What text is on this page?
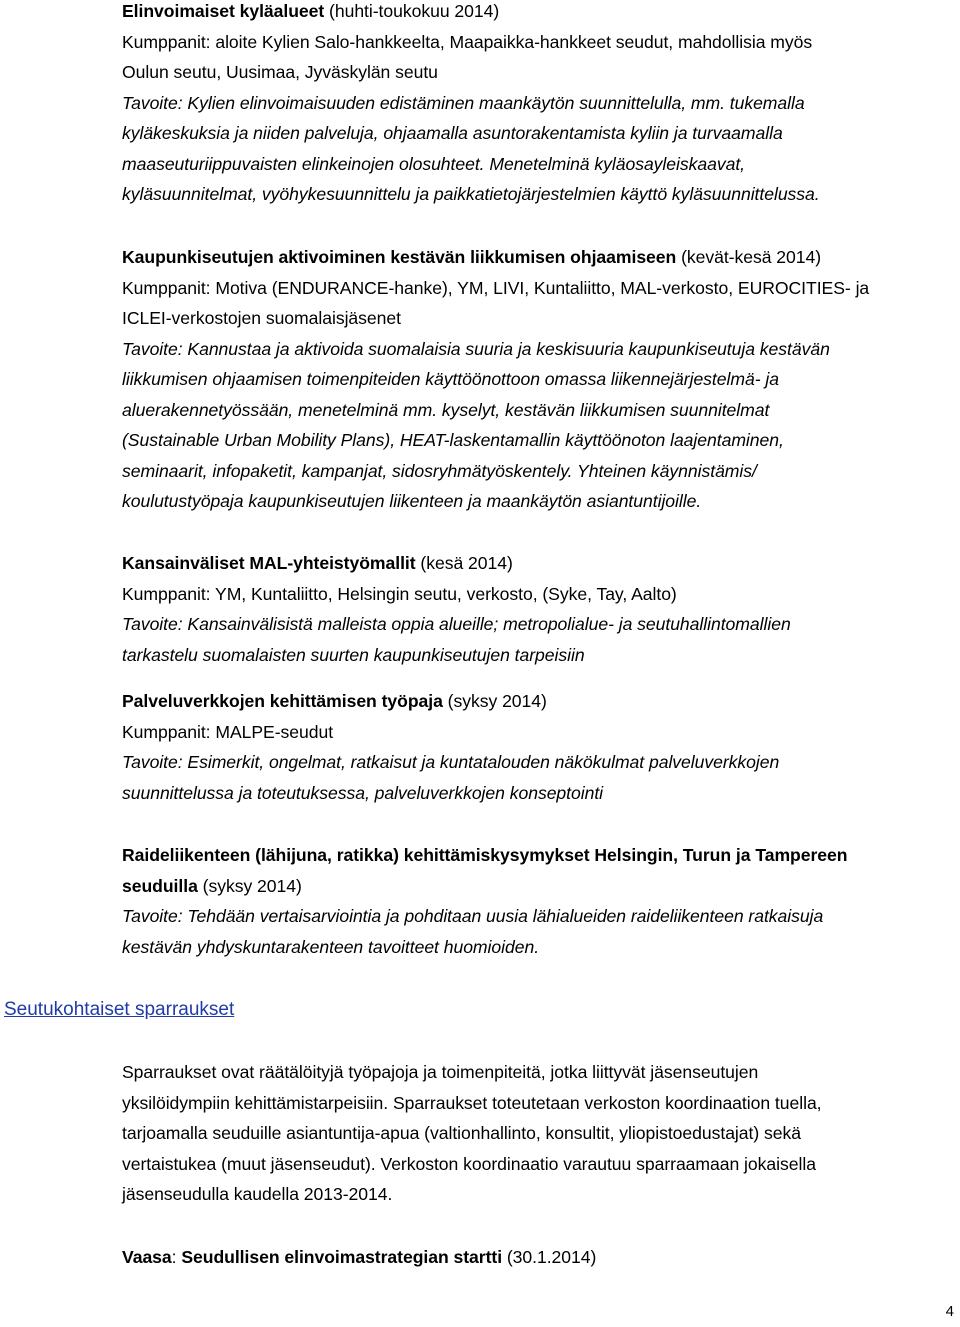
Elinvoimaiset kyläalueet (huhti-toukokuu 2014)
Kumppanit: aloite Kylien Salo-hankkeelta, Maapaikka-hankkeet seudut, mahdollisia myös
Oulun seutu, Uusimaa, Jyväskylän seutu
Tavoite: Kylien elinvoimaisuuden edistäminen maankäytön suunnittelulla, mm. tukemalla
kyläkeskuksia ja niiden palveluja, ohjaamalla asuntorakentamista kyliin ja turvaamalla
maaseuturiippuvaisten elinkeinojen olosuhteet. Menetelminä kyläosayleiskaavat,
kyläsuunnitelmat, vyöhykesuunnittelu ja paikkatietojärjestelmien käyttö kyläsuunnittelussa.
Kaupunkiseutujen aktivoiminen kestävän liikkumisen ohjaamiseen (kevät-kesä 2014)
Kumppanit: Motiva (ENDURANCE-hanke), YM, LIVI, Kuntaliitto, MAL-verkosto, EUROCITIES- ja
ICLEI-verkostojen suomalaisjäsenet
Tavoite: Kannustaa ja aktivoida suomalaisia suuria ja keskisuuria kaupunkiseutuja kestävän
liikkumisen ohjaamisen toimenpiteiden käyttöönottoon omassa liikennejärjestelmä- ja
aluerakennetyössään, menetelminä mm. kyselyt, kestävän liikkumisen suunnitelmat
(Sustainable Urban Mobility Plans), HEAT-laskentamallin käyttöönoton laajentaminen,
seminaarit, infopaketit, kampanjat, sidosryhmätyöskentely. Yhteinen käynnistämis/
koulutustyöpaja kaupunkiseutujen liikenteen ja maankäytön asiantuntijoille.
Kansainväliset MAL-yhteistyömallit (kesä 2014)
Kumppanit: YM, Kuntaliitto, Helsingin seutu, verkosto, (Syke, Tay, Aalto)
Tavoite: Kansainvälisistä malleista oppia alueille; metropolialue- ja seutuhallintomallien
tarkastelu suomalaisten suurten kaupunkiseutujen tarpeisiin
Palveluverkkojen kehittämisen työpaja (syksy 2014)
Kumppanit: MALPE-seudut
Tavoite: Esimerkit, ongelmat, ratkaisut ja kuntatalouden näkökulmat palveluverkkojen
suunnittelussa ja toteutuksessa, palveluverkkojen konseptointi
Raideliikenteen (lähijuna, ratikka) kehittämiskysymykset Helsingin, Turun ja Tampereen
seuduilla (syksy 2014)
Tavoite: Tehdään vertaisarviointia ja pohditaan uusia lähialueiden raideliikenteen ratkaisuja
kestävän yhdyskuntarakenteen tavoitteet huomioiden.
Seutukohtaiset sparraukset
Sparraukset ovat räätälöityjä työpajoja ja toimenpiteitä, jotka liittyvät jäsenseutujen
yksilöidympiin kehittämistarpeisiin. Sparraukset toteutetaan verkoston koordinaation tuella,
tarjoamalla seuduille asiantuntija-apua (valtionhallinto, konsultit, yliopistoedustajat) sekä
vertaistukea (muut jäsenseudut). Verkoston koordinaatio varautuu sparraamaan jokaisella
jäsenseudulla kaudella 2013-2014.
Vaasa: Seudullisen elinvoimastrategian startti (30.1.2014)
4
